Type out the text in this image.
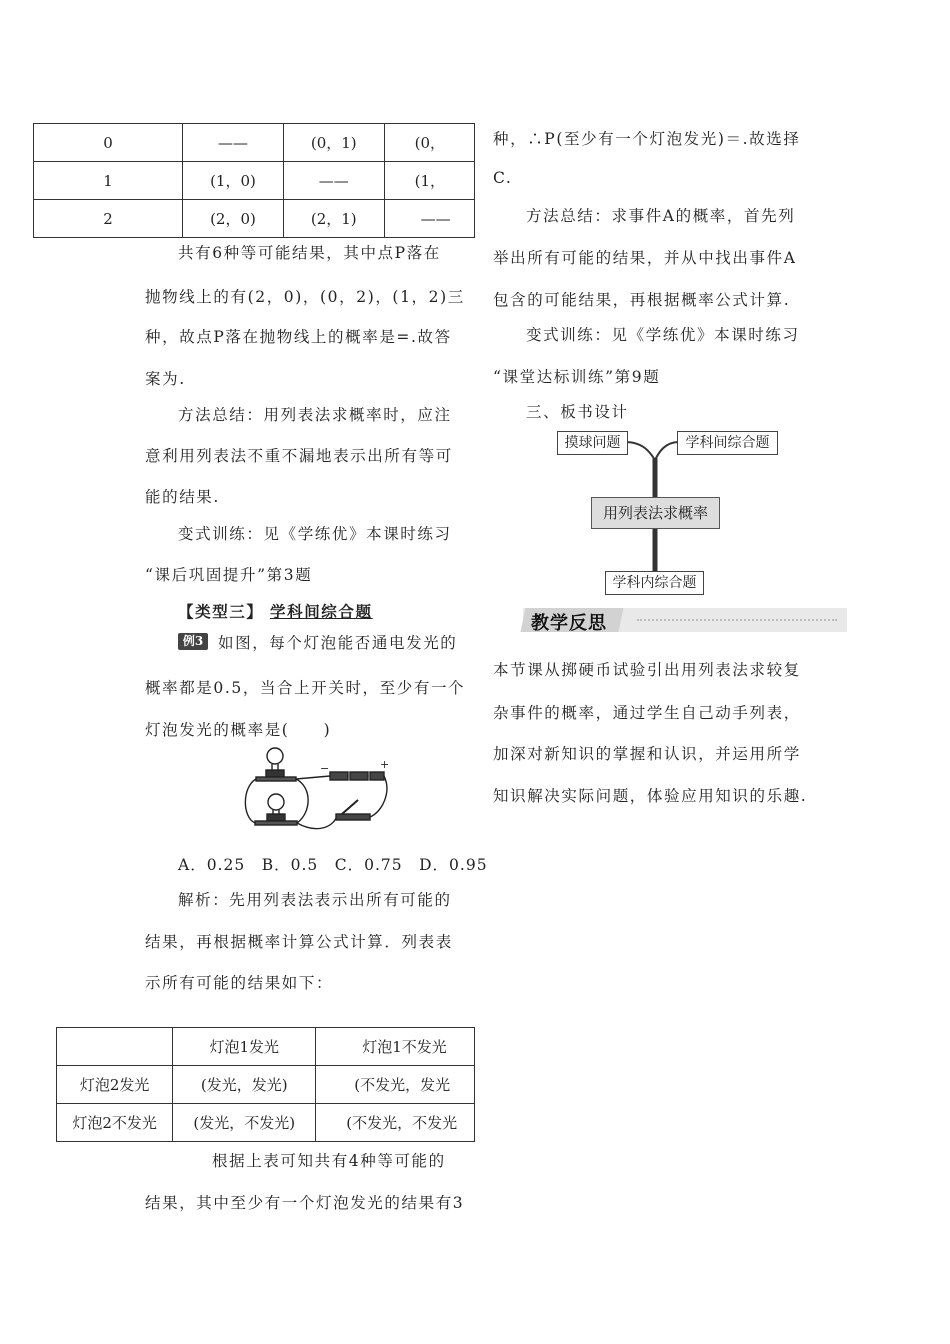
0	——	(0，1)	(0，
1	(1，0)	——	(1，
2	(2，0)	(2，1)	——
共有6种等可能结果，其中点P落在
抛物线上的有(2，0)，(0，2)，(1，2)三
种，故点P落在抛物线上的概率是=.故答
案为.
方法总结：用列表法求概率时，应注
意利用列表法不重不漏地表示出所有等可
能的结果.
变式训练：见《学练优》本课时练习
“课后巩固提升”第3题
【类型三】 学科间综合题
例3 如图，每个灯泡能否通电发光的
概率都是0.5，当合上开关时，至少有一个
灯泡发光的概率是(　　)
−	+
A．0.25　B．0.5　C．0.75　D．0.95
解析：先用列表法表示出所有可能的
结果，再根据概率计算公式计算．列表表
示所有可能的结果如下：
	灯泡1发光	灯泡1不发光
灯泡2发光	(发光，发光)	(不发光，发光
灯泡2不发光	(发光，不发光)	(不发光，不发光
根据上表可知共有4种等可能的
结果，其中至少有一个灯泡发光的结果有3
种，∴P(至少有一个灯泡发光)＝.故选择
C.
方法总结：求事件A的概率，首先列
举出所有可能的结果，并从中找出事件A
包含的可能结果，再根据概率公式计算.
变式训练：见《学练优》本课时练习
“课堂达标训练”第9题
三、板书设计
摸球问题	学科间综合题
用列表法求概率
学科内综合题
教学反思
本节课从掷硬币试验引出用列表法求较复
杂事件的概率，通过学生自己动手列表，
加深对新知识的掌握和认识，并运用所学
知识解决实际问题，体验应用知识的乐趣.
